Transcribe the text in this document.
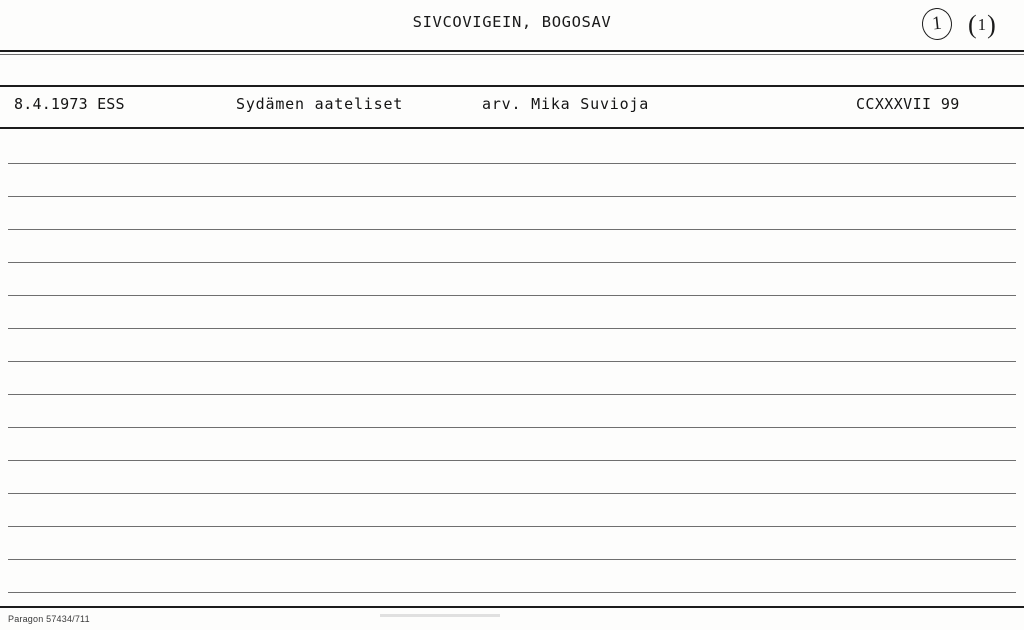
SIVCOVIGEIN, BOGOSAV	1 (1)
8.4.1973 ESS	Sydämen aateliset	arv. Mika Suvioja	CCXXXVII 99
Paragon 57434/711
